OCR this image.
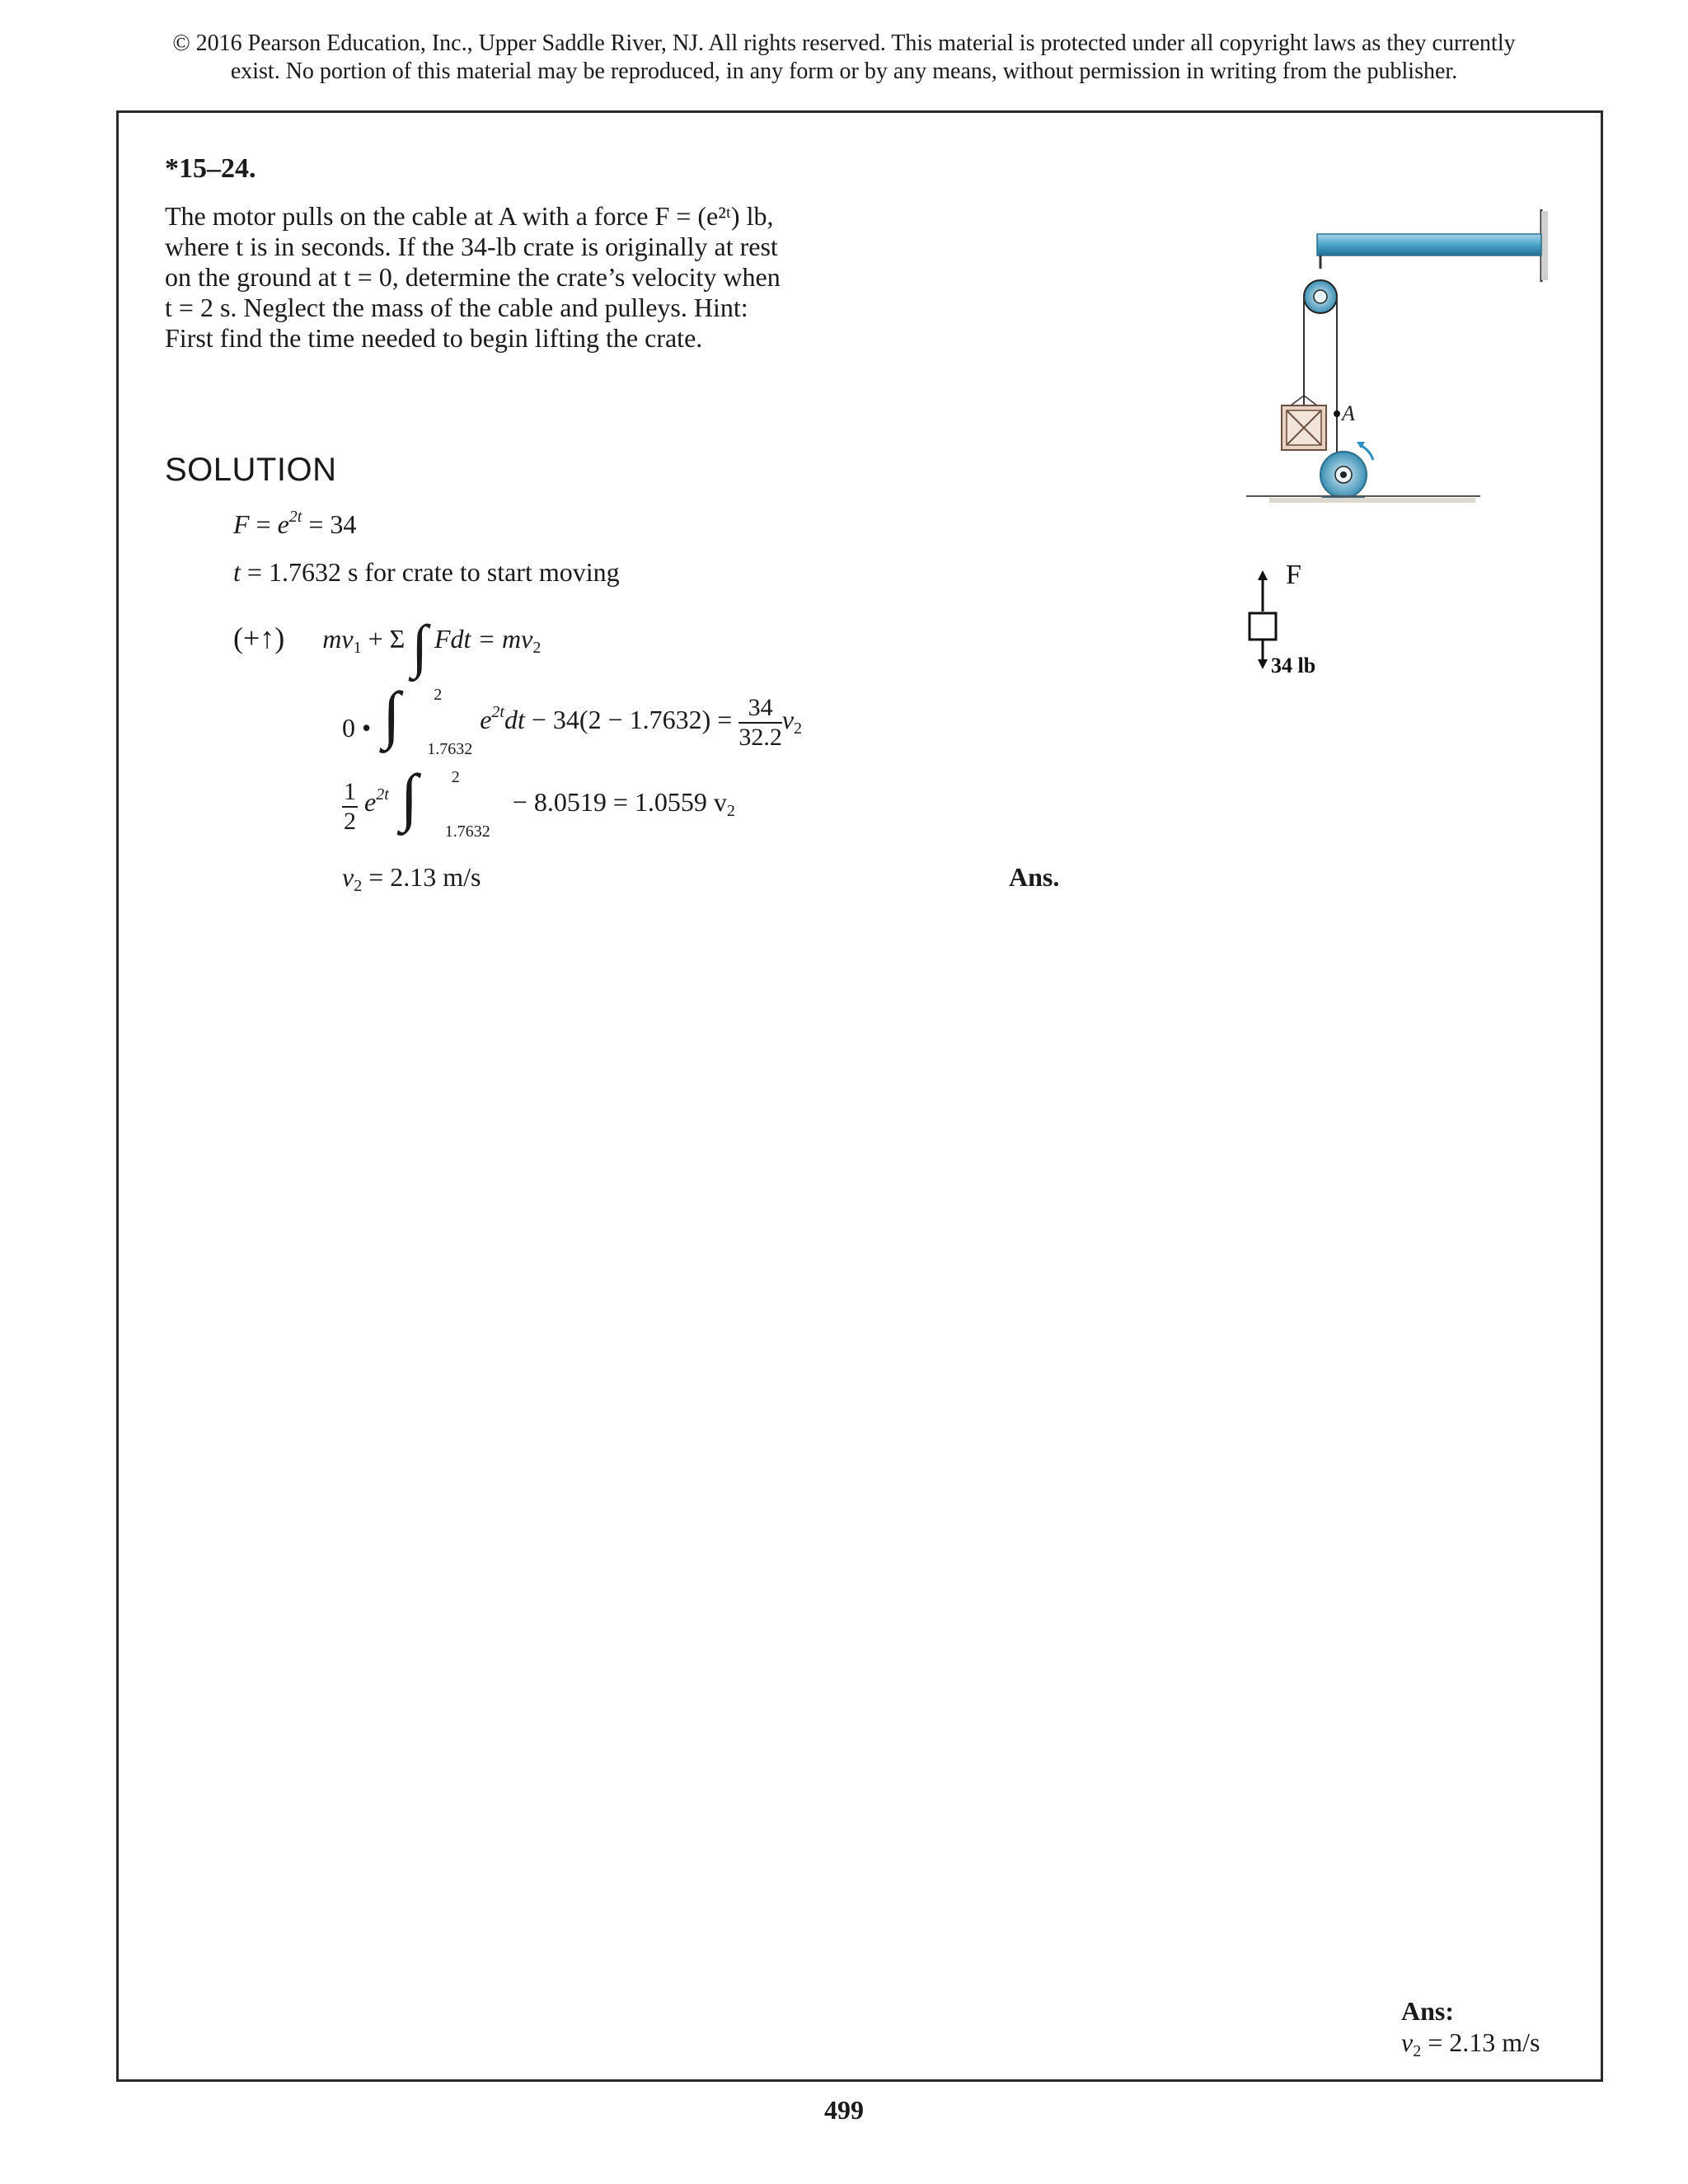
© 2016 Pearson Education, Inc., Upper Saddle River, NJ. All rights reserved. This material is protected under all copyright laws as they currently
exist. No portion of this material may be reproduced, in any form or by any means, without permission in writing from the publisher.
*15–24.
The motor pulls on the cable at A with a force F = (e²ᵗ) lb,
where t is in seconds. If the 34-lb crate is originally at rest
on the ground at t = 0, determine the crate’s velocity when
t = 2 s. Neglect the mass of the cable and pulleys. Hint:
First find the time needed to begin lifting the crate.
A
F
34 lb
SOLUTION
$F = e^{2t} = 34$
t = 1.7632 s for crate to start moving
(+↑) $mv_1 + \Sigma$ ∫ Fdt = $mv_2$
0 • ∫ 2
1.7632
$e^{2t}dt - 34(2 - 1.7632) = \frac{34}{32.2} v_2$
$\frac{1}{2} e^{2t}$ ∫ 2
1.7632
− 8.0519 = 1.0559 $v_2$
$v_2 = 2.13$ m/s	Ans.
Ans:
$v_2 = 2.13$ m/s
499
